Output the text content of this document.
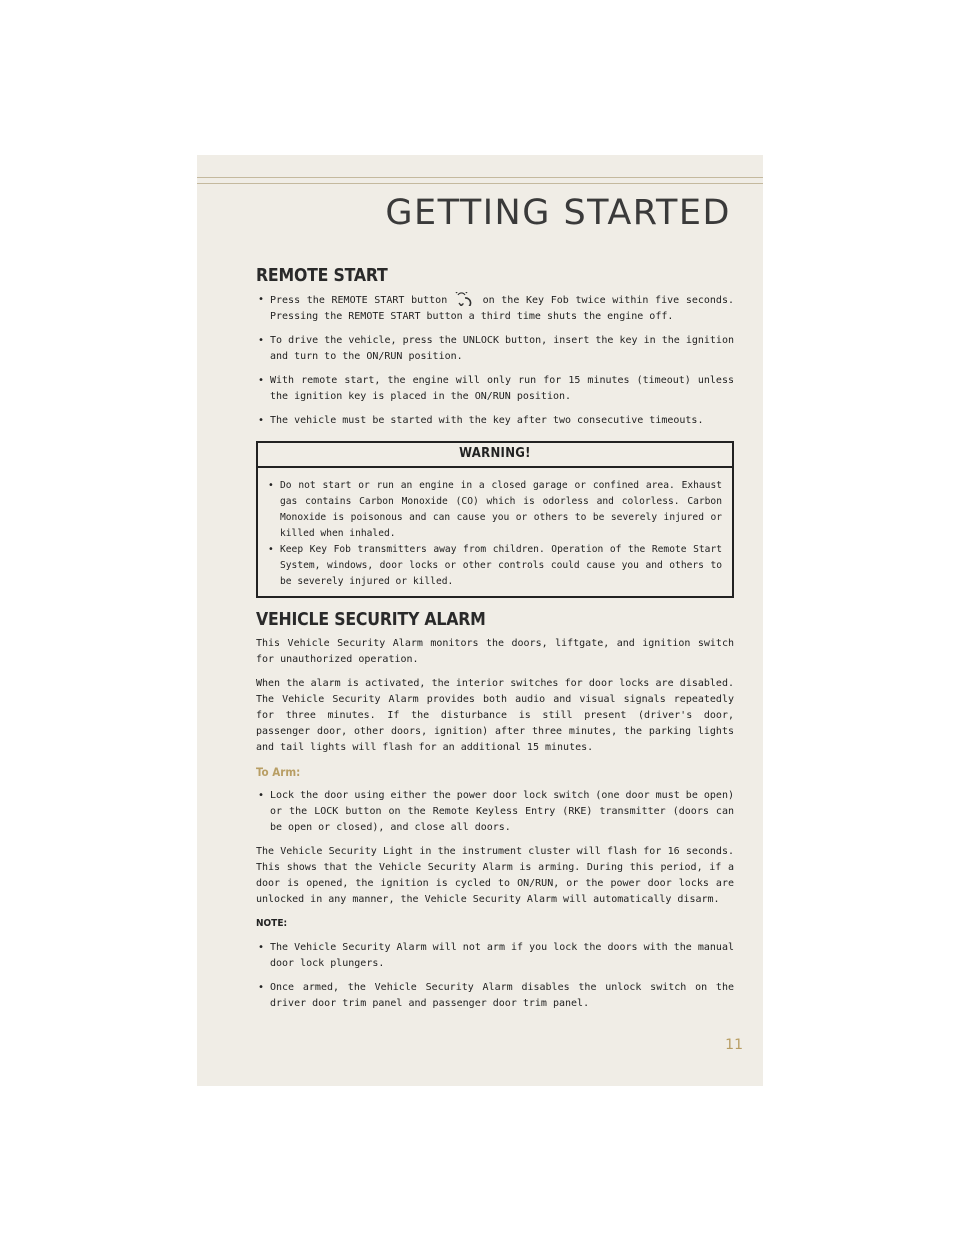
GETTING STARTED
REMOTE START
• Press the REMOTE START button  on the Key Fob twice within five seconds. Pressing the REMOTE START button a third time shuts the engine off.
• To drive the vehicle, press the UNLOCK button, insert the key in the ignition and turn to the ON/RUN position.
• With remote start, the engine will only run for 15 minutes (timeout) unless the ignition key is placed in the ON/RUN position.
• The vehicle must be started with the key after two consecutive timeouts.
WARNING!
• Do not start or run an engine in a closed garage or confined area. Exhaust gas contains Carbon Monoxide (CO) which is odorless and colorless. Carbon Monoxide is poisonous and can cause you or others to be severely injured or killed when inhaled.
• Keep Key Fob transmitters away from children. Operation of the Remote Start System, windows, door locks or other controls could cause you and others to be severely injured or killed.
VEHICLE SECURITY ALARM

This Vehicle Security Alarm monitors the doors, liftgate, and ignition switch for unauthorized operation.

When the alarm is activated, the interior switches for door locks are disabled. The Vehicle Security Alarm provides both audio and visual signals repeatedly for three minutes. If the disturbance is still present (driver's door, passenger door, other doors, ignition) after three minutes, the parking lights and tail lights will flash for an additional 15 minutes.

To Arm:
• Lock the door using either the power door lock switch (one door must be open) or the LOCK button on the Remote Keyless Entry (RKE) transmitter (doors can be open or closed), and close all doors.

The Vehicle Security Light in the instrument cluster will flash for 16 seconds. This shows that the Vehicle Security Alarm is arming. During this period, if a door is opened, the ignition is cycled to ON/RUN, or the power door locks are unlocked in any manner, the Vehicle Security Alarm will automatically disarm.

NOTE:
• The Vehicle Security Alarm will not arm if you lock the doors with the manual door lock plungers.
• Once armed, the Vehicle Security Alarm disables the unlock switch on the driver door trim panel and passenger door trim panel.
11
